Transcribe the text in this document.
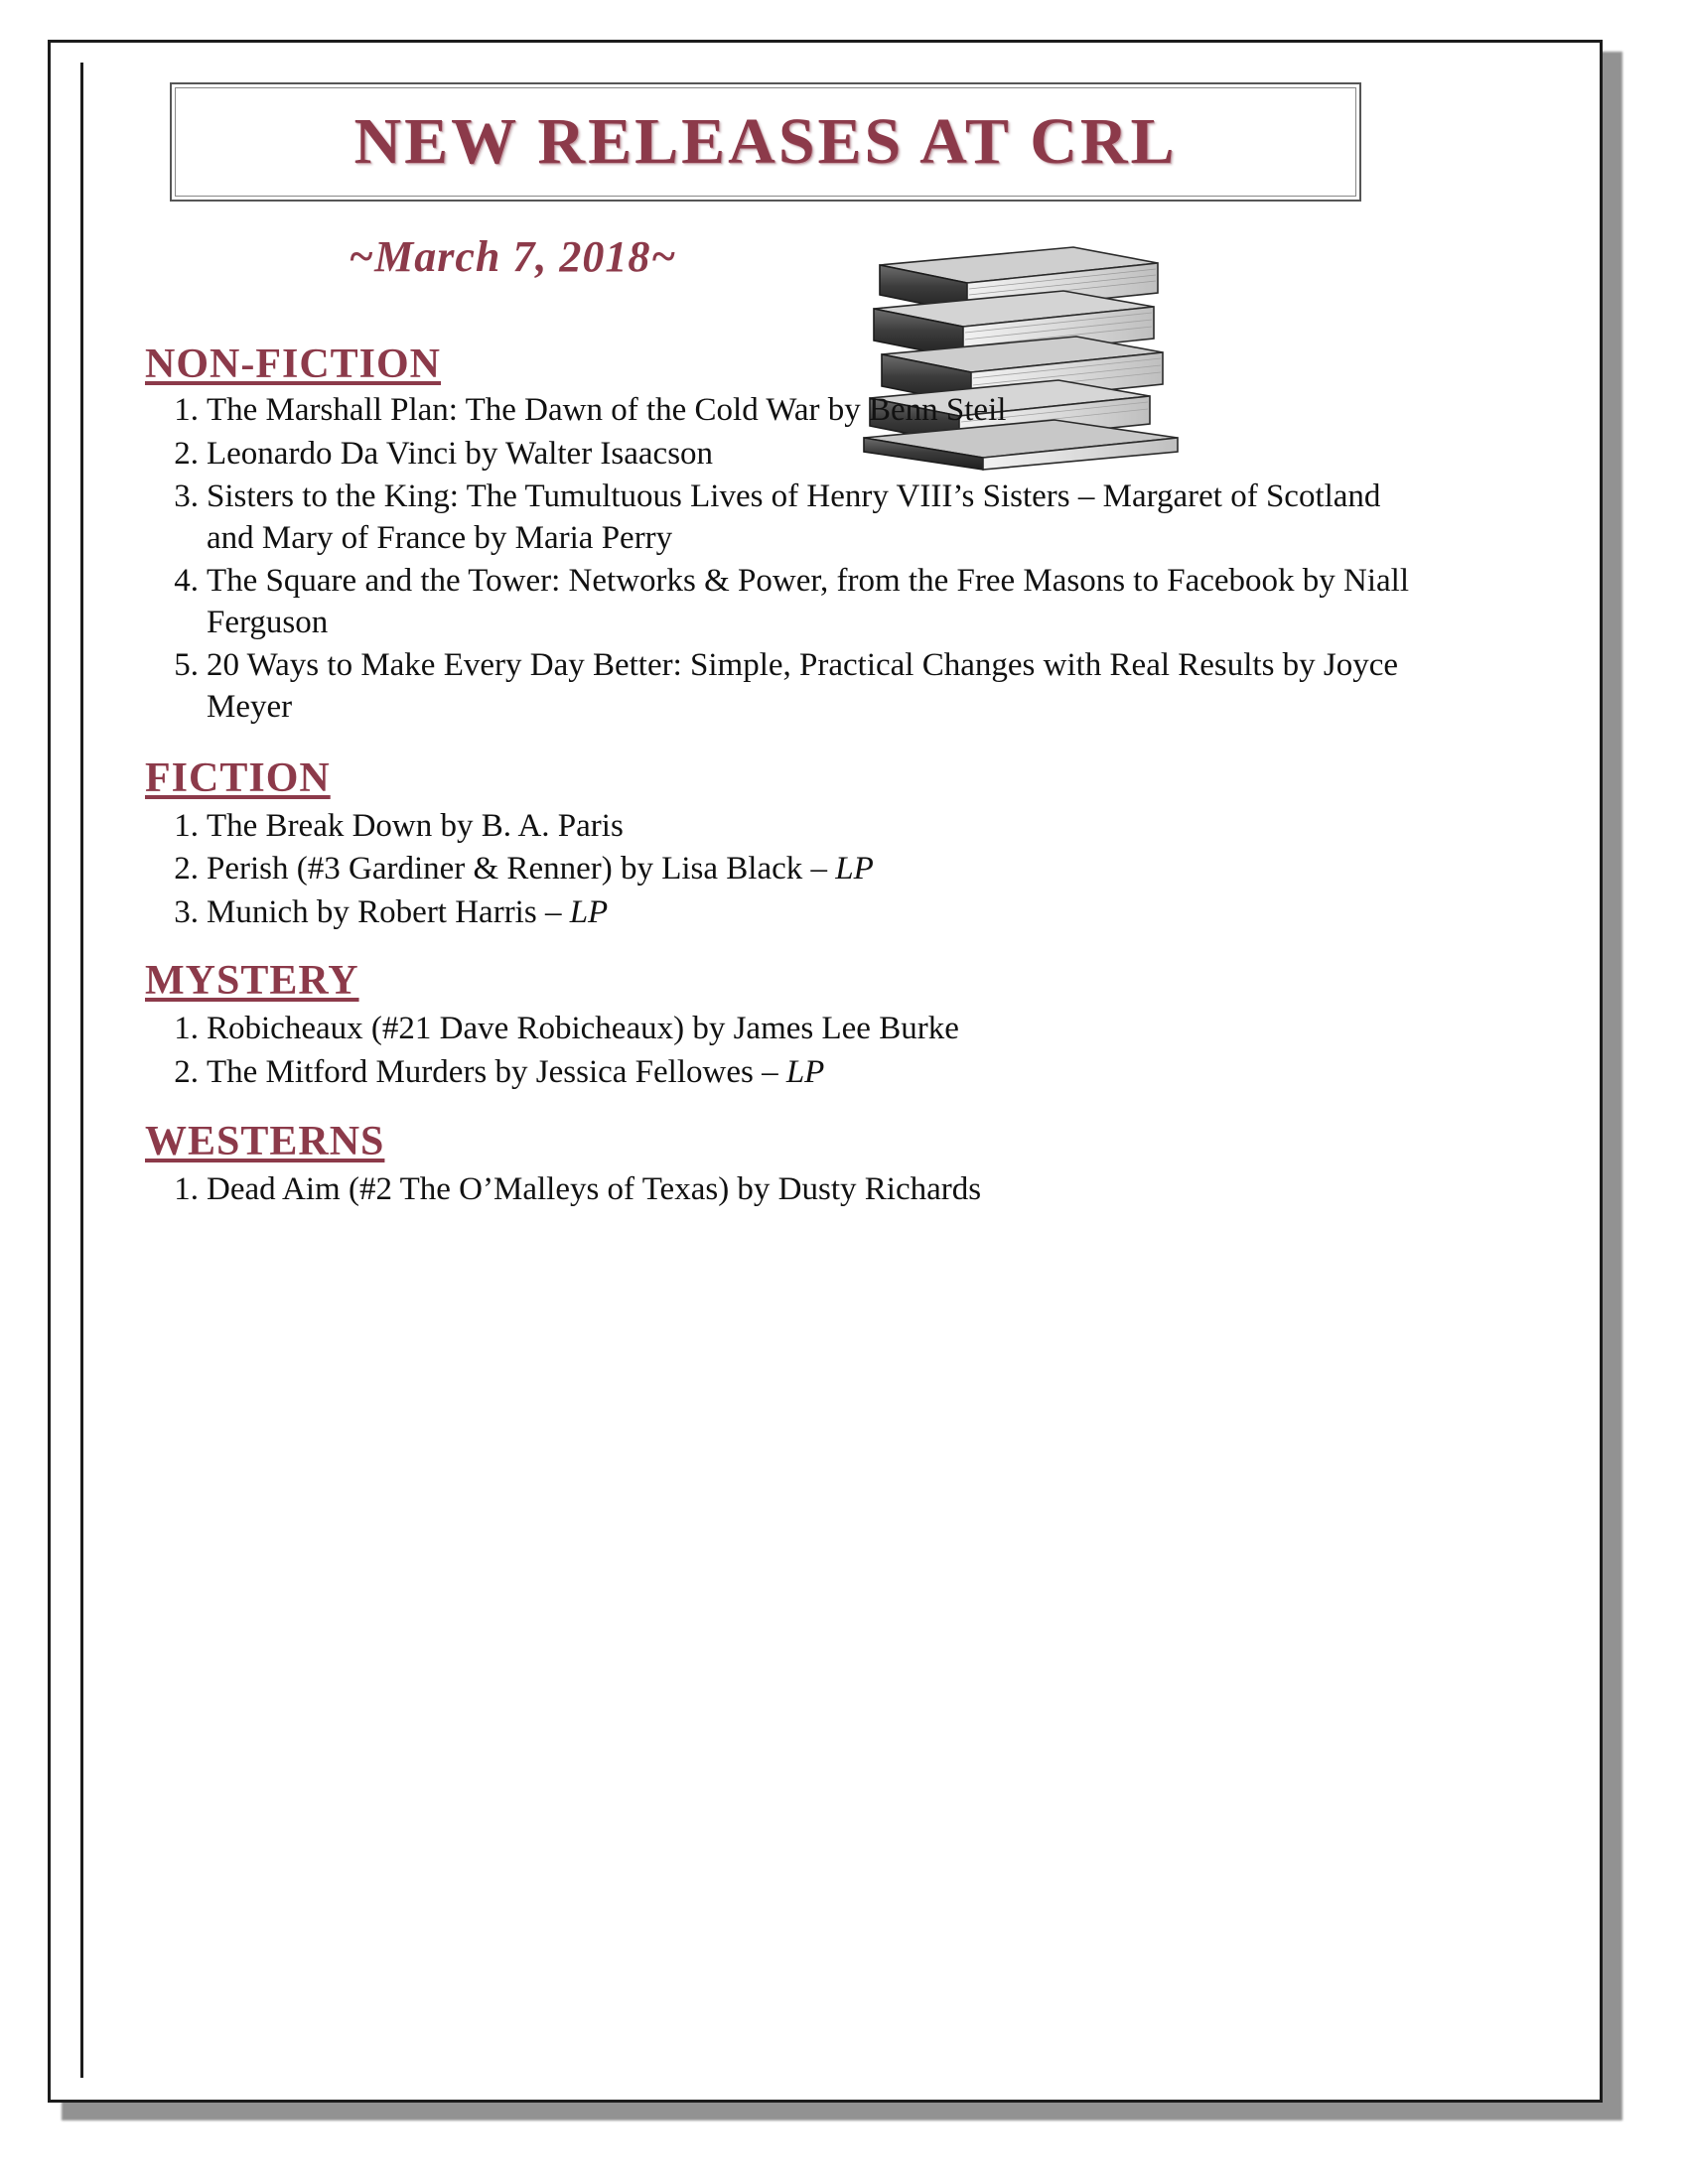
NEW RELEASES AT CRL
~March 7, 2018~
NON-FICTION
1. The Marshall Plan: The Dawn of the Cold War by Benn Steil
2. Leonardo Da Vinci by Walter Isaacson
3. Sisters to the King: The Tumultuous Lives of Henry VIII’s Sisters – Margaret of Scotland and Mary of France by Maria Perry
4. The Square and the Tower: Networks & Power, from the Free Masons to Facebook by Niall Ferguson
5. 20 Ways to Make Every Day Better: Simple, Practical Changes with Real Results by Joyce Meyer
FICTION
1. The Break Down by B. A. Paris
2. Perish (#3 Gardiner & Renner) by Lisa Black – LP
3. Munich by Robert Harris – LP
MYSTERY
1. Robicheaux (#21 Dave Robicheaux) by James Lee Burke
2. The Mitford Murders by Jessica Fellowes – LP
WESTERNS
1. Dead Aim (#2 The O’Malleys of Texas) by Dusty Richards
